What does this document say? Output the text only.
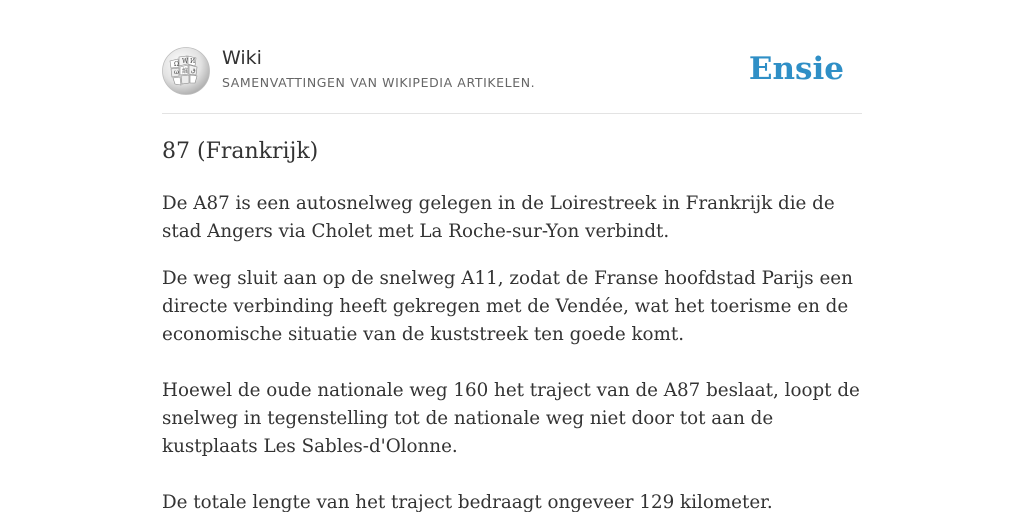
Ω W И
維
ω ق
Wiki
SAMENVATTINGEN VAN WIKIPEDIA ARTIKELEN.	Ensie
87 (Frankrijk)

De A87 is een autosnelweg gelegen in de Loirestreek in Frankrijk die de stad Angers via Cholet met La Roche-sur-Yon verbindt.

De weg sluit aan op de snelweg A11, zodat de Franse hoofdstad Parijs een directe verbinding heeft gekregen met de Vendée, wat het toerisme en de economische situatie van de kuststreek ten goede komt.

Hoewel de oude nationale weg 160 het traject van de A87 beslaat, loopt de snelweg in tegenstelling tot de nationale weg niet door tot aan de kustplaats Les Sables-d'Olonne.

De totale lengte van het traject bedraagt ongeveer 129 kilometer.
